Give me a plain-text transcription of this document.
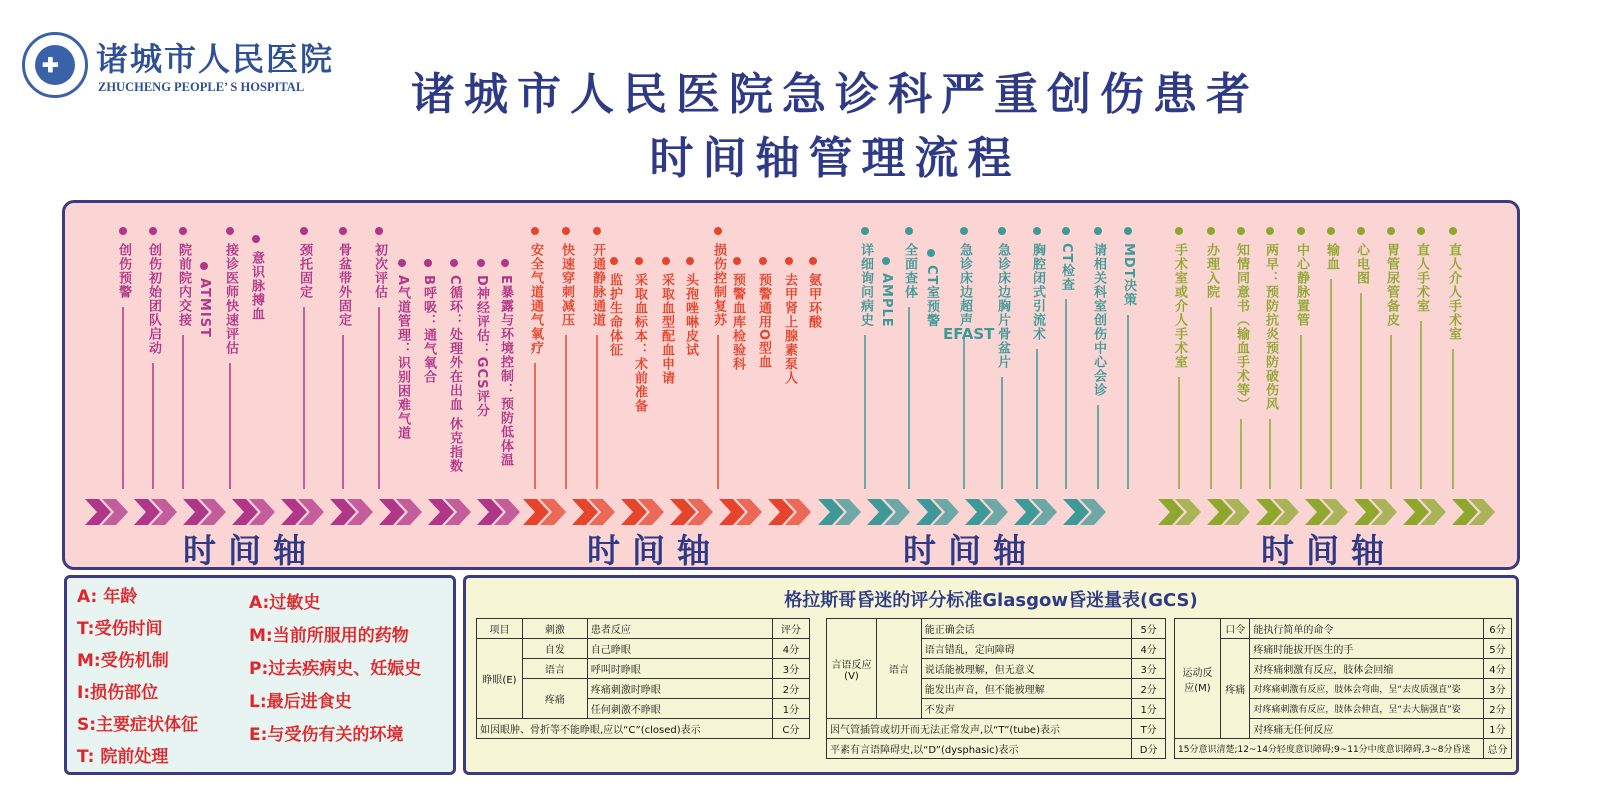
✚ 诸城市人民医院
ZHUCHENG PEOPLE’ S HOSPITAL	诸城市人民医院急诊科严重创伤患者
时间轴管理流程
时间轴	时间轴	时间轴	时间轴
创伤预警 创伤初始团队启动 院前院内交接 接诊医师快速评估	颈托固定 骨盆带外固定 初次评估	安全气道通气氧疗 快速穿刺减压 开通静脉通道	损伤控制复苏	详细询问病史 全面查体	急诊床边超声 急诊床边胸片骨盆片 胸腔闭式引流术 CT检查 请相关科室创伤中心会诊 MDT决策	手术室或介人手术室 办理入院 知情同意书（输血手术等） 两早：预防抗炎预防破伤风 中心静脉置管 输血 心电图 胃管尿管备皮 直人手术室 直人介人手术室
ATMIST	意识脉搏血	A气道管理：识别困难气道 B呼吸：通气氧合 C循环：处理外在出血 休克指数 D神经评估：GCS评分 E暴露与环境控制：预防低体温	监护生命体征 采取血标本：术前准备 采取血型配血申请 头孢唑啉皮试 预警血库检验科 预警通用O型血 去甲肾上腺素泵人 氨甲环酸	AMPLE CT室预警
EFAST
A: 年龄
T:受伤时间
M:受伤机制
I:损伤部位
S:主要症状体征
T: 院前处理
A:过敏史
M:当前所服用的药物
P:过去疾病史、妊娠史
L:最后进食史
E:与受伤有关的环境
格拉斯哥昏迷的评分标准Glasgow昏迷量表(GCS)
项目	刺激	患者反应	评分
睁眼(E)	自发	自己睁眼	4分
	语言	呼叫时睁眼	3分
	疼痛	疼痛刺激时睁眼	2分
		任何刺激不睁眼	1分
如因眼肿、骨折等不能睁眼,应以“C”(closed)表示			C分
言语反应(V)	语言	能正确会话	5分
		语言错乱，定向障碍	4分
		说话能被理解，但无意义	3分
		能发出声音，但不能被理解	2分
		不发声	1分
因气管插管或切开而无法正常发声,以“T”(tube)表示			T分
平素有言语障碍史,以“D”(dysphasic)表示			D分
运动反应(M)	口令	能执行简单的命令	6分
	疼痛	疼痛时能拔开医生的手	5分
		对疼痛刺激有反应，肢体会回缩	4分
		对疼痛刺激有反应，肢体会弯曲，呈“去皮质强直”姿	3分
		对疼痛刺激有反应，肢体会伸直，呈“去大脑强直”姿	2分
		对疼痛无任何反应	1分
15分意识清楚;12~14分轻度意识障碍;9~11分中度意识障碍,3~8分昏迷			总分
